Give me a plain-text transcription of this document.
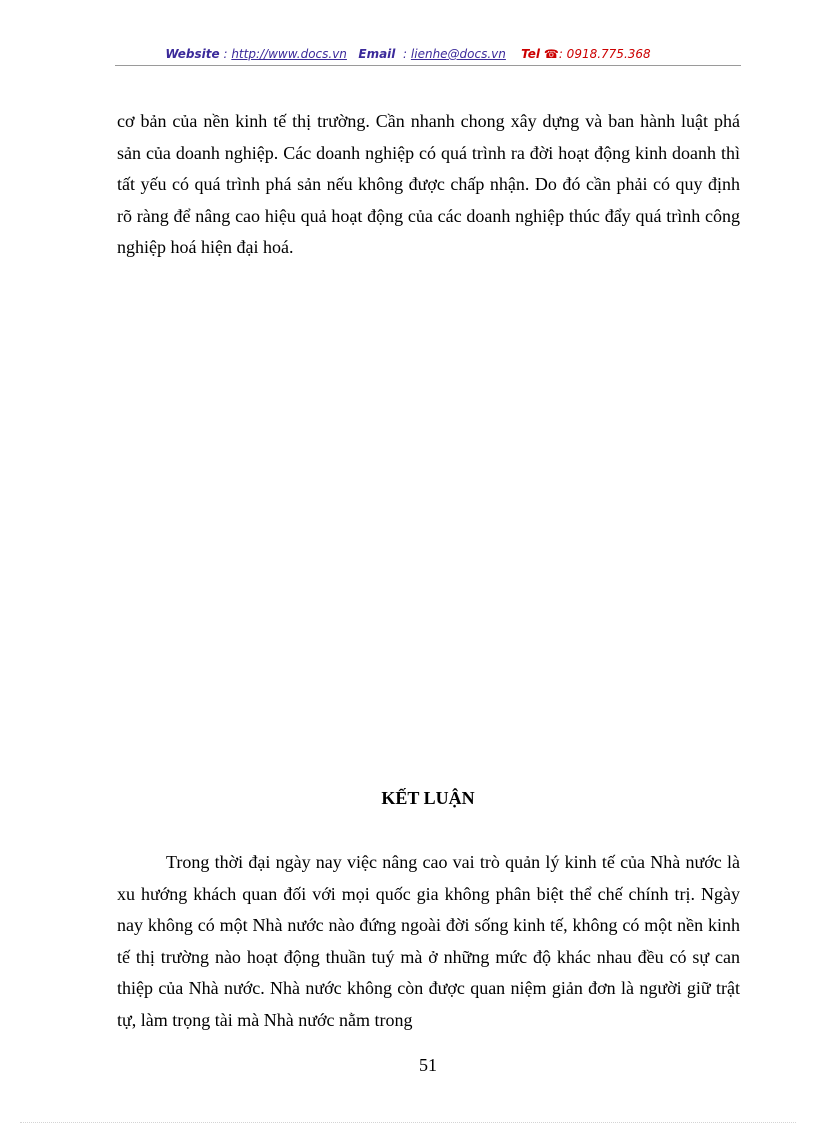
Website : http://www.docs.vn Email  : lienhe@docs.vn Tel ☎: 0918.775.368

cơ bản của nền kinh tế thị trường. Cần nhanh chong xây dựng và ban hành luật phá sản của doanh nghiệp. Các doanh nghiệp có quá trình ra đời hoạt động kinh doanh thì tất yếu có quá trình phá sản nếu không được chấp nhận. Do đó cần phải có quy định rõ ràng để nâng cao hiệu quả hoạt động của các doanh nghiệp thúc đẩy quá trình công nghiệp hoá hiện đại hoá.

KẾT LUẬN

Trong thời đại ngày nay việc nâng cao vai trò quản lý kinh tế của Nhà nước là xu hướng khách quan đối với mọi quốc gia không phân biệt thể chế chính trị. Ngày nay không có một Nhà nước nào đứng ngoài đời sống kinh tế, không có một nền kinh tế thị trường nào hoạt động thuần tuý mà ở những mức độ khác nhau đều có sự can thiệp của Nhà nước. Nhà nước không còn được quan niệm giản đơn là người giữ trật tự, làm trọng tài mà Nhà nước nằm trong

51
